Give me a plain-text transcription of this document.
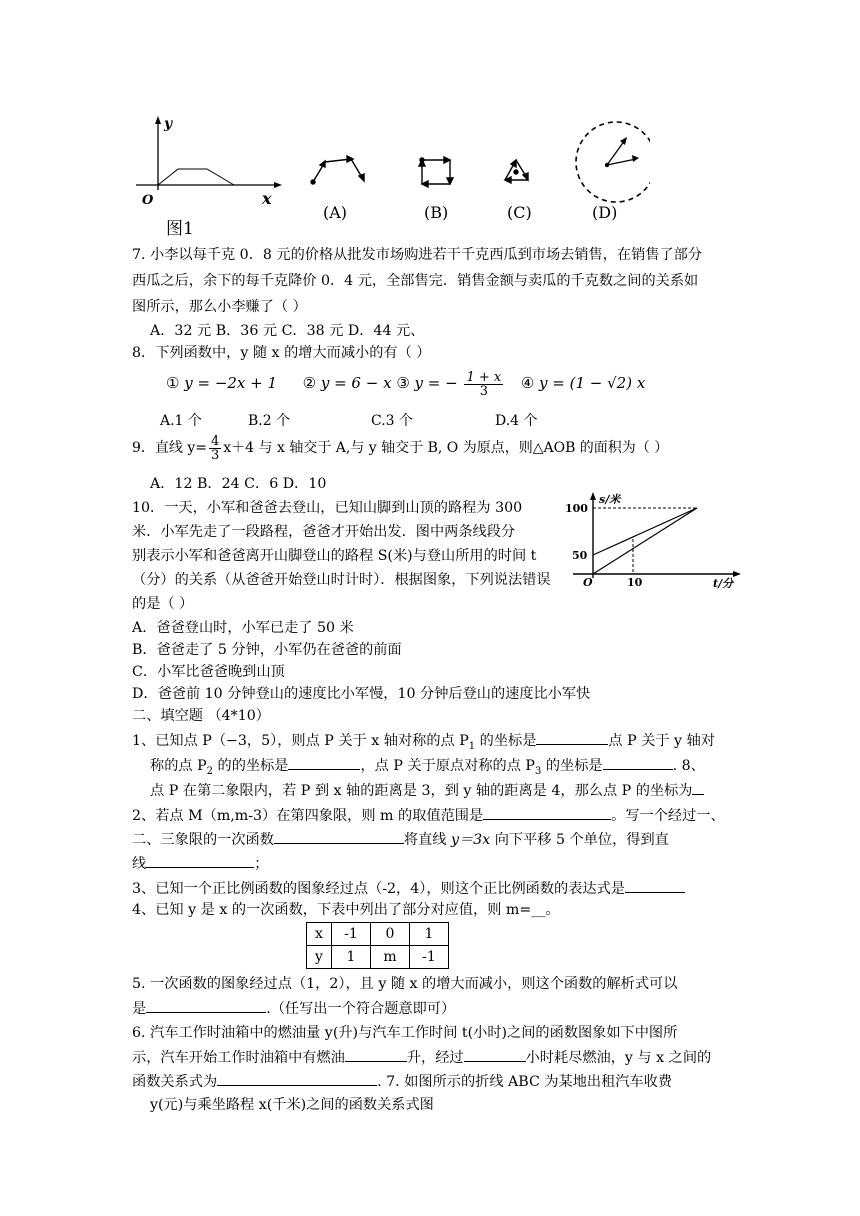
y
x
O
图1
(A)	(B)	(C)	(D)
7. 小李以每千克 0．8 元的价格从批发市场购进若干千克西瓜到市场去销售，在销售了部分
西瓜之后，余下的每千克降价 0．4 元，全部售完．销售金额与卖瓜的千克数之间的关系如
图所示，那么小李赚了（ ）
A．32 元 B．36 元 C．38 元 D．44 元、
8．下列函数中，y 随 x 的增大而减小的有（ ）
① y = −2x + 1 ② y = 6 − x ③ y = − $\frac{1 + x}{3}$ ④ y = (1 − √2) x
A.1 个	B.2 个	C.3 个	D.4 个
9．直线 $y= \frac{4}{3} x+4$ 与 x 轴交于 A,与 y 轴交于 B, O 为原点，则△AOB 的面积为（ ）
A．12 B．24 C．6 D．10
10．一天，小军和爸爸去登山，已知山脚到山顶的路程为 300
米．小军先走了一段路程，爸爸才开始出发．图中两条线段分
别表示小军和爸爸离开山脚登山的路程 S(米)与登山所用的时间 t
（分）的关系（从爸爸开始登山时计时）．根据图象，下列说法错误
的是（ ）
s/米
t/分
100
50
O	10
A．爸爸登山时，小军已走了 50 米
B．爸爸走了 5 分钟，小军仍在爸爸的前面
C．小军比爸爸晚到山顶
D．爸爸前 10 分钟登山的速度比小军慢，10 分钟后登山的速度比小军快
二、填空题 （4*10）
1、已知点 P（−3，5），则点 P 关于 x 轴对称的点 $P_1$ 的坐标是	点 P 关于 y 轴对
称的点 $P_2$ 的的坐标是	，点 P 关于原点对称的点 $P_3$ 的坐标是	. 8、
点 P 在第二象限内，若 P 到 x 轴的距离是 3，到 y 轴的距离是 4，那么点 P 的坐标为
2、若点 M（m,m-3）在第四象限，则 m 的取值范围是	。写一个经过一、
二、三象限的一次函数	将直线 y＝3x 向下平移 5 个单位，得到直
线	；
3、已知一个正比例函数的图象经过点（-2，4），则这个正比例函数的表达式是
4、已知 y 是 x 的一次函数，下表中列出了部分对应值，则 m=__。
x	-1	0	1
y	1	m	-1
5. 一次函数的图象经过点（1，2），且 y 随 x 的增大而减小，则这个函数的解析式可以
是	.（任写出一个符合题意即可）
6. 汽车工作时油箱中的燃油量 y(升)与汽车工作时间 t(小时)之间的函数图象如下中图所
示，汽车开始工作时油箱中有燃油	升，经过	小时耗尽燃油，y 与 x 之间的
函数关系式为	. 7. 如图所示的折线 ABC 为某地出租汽车收费
y(元)与乘坐路程 x(千米)之间的函数关系式图
